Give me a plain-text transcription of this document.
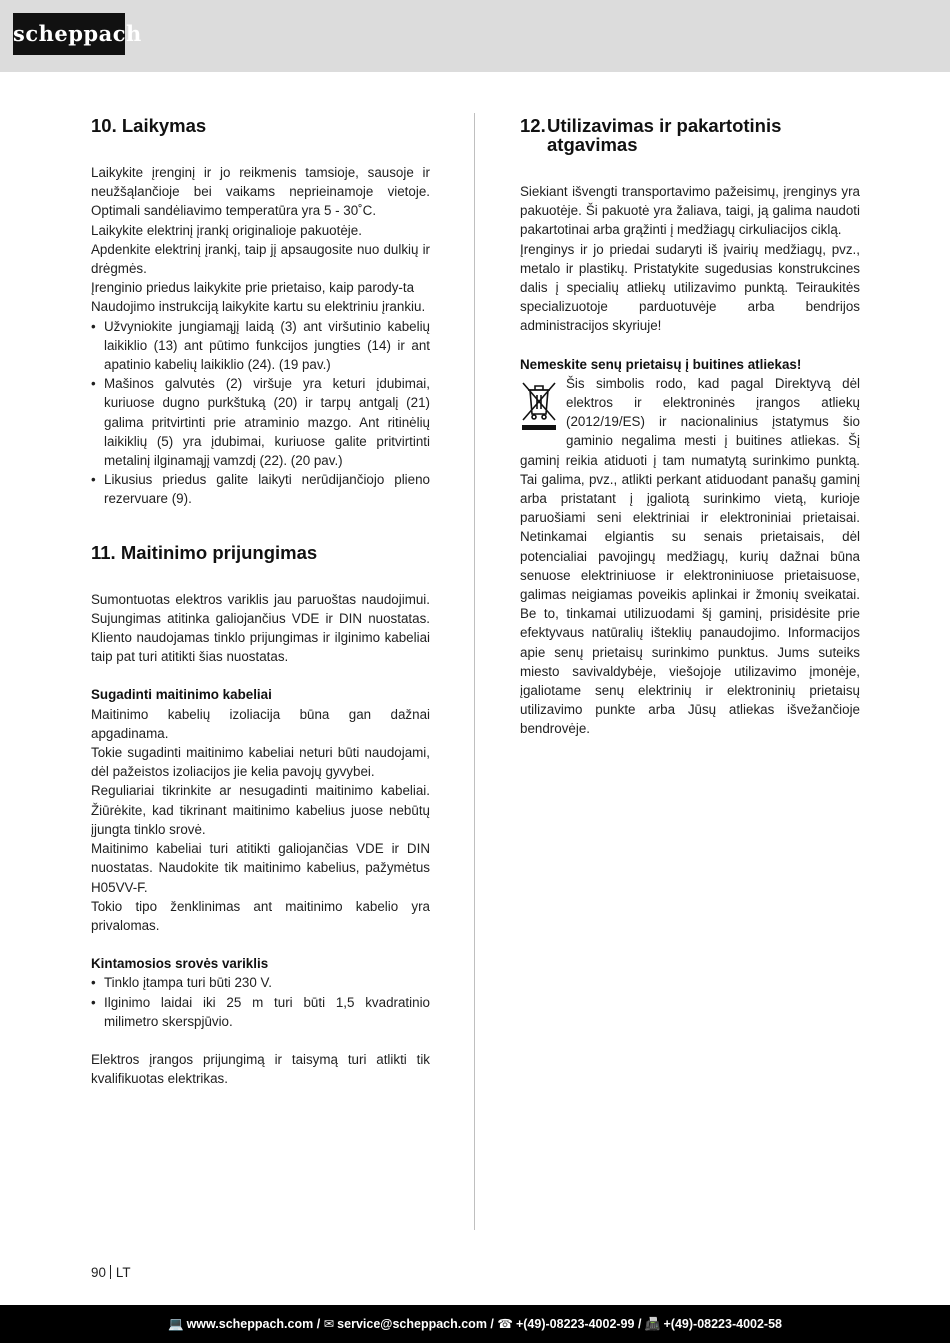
scheppach
10. Laikymas

Laikykite įrenginį ir jo reikmenis tamsioje, sausoje ir neužšąlančioje bei vaikams neprieinamoje vietoje. Optimali sandėliavimo temperatūra yra 5 - 30˚C.

Laikykite elektrinį įrankį originalioje pakuotėje.

Apdenkite elektrinį įrankį, taip jį apsaugosite nuo dulkių ir drėgmės.

Įrenginio priedus laikykite prie prietaiso, kaip parody-ta

Naudojimo instrukciją laikykite kartu su elektriniu įrankiu.

• Užvyniokite jungiamąjį laidą (3) ant viršutinio kabelių laikiklio (13) ant pūtimo funkcijos jungties (14) ir ant apatinio kabelių laikiklio (24). (19 pav.)
• Mašinos galvutės (2) viršuje yra keturi įdubimai, kuriuose dugno purkštuką (20) ir tarpų antgalį (21) galima pritvirtinti prie atraminio mazgo. Ant ritinėlių laikiklių (5) yra įdubimai, kuriuose galite pritvirtinti metalinį ilginamąjį vamzdį (22). (20 pav.)
• Likusius priedus galite laikyti nerūdijančiojo plieno rezervuare (9).
11. Maitinimo prijungimas

Sumontuotas elektros variklis jau paruoštas naudojimui. Sujungimas atitinka galiojančius VDE ir DIN nuostatas. Kliento naudojamas tinklo prijungimas ir ilginimo kabeliai taip pat turi atitikti šias nuostatas.

Sugadinti maitinimo kabeliai

Maitinimo kabelių izoliacija būna gan dažnai apgadinama.

Tokie sugadinti maitinimo kabeliai neturi būti naudojami, dėl pažeistos izoliacijos jie kelia pavojų gyvybei.

Reguliariai tikrinkite ar nesugadinti maitinimo kabeliai. Žiūrėkite, kad tikrinant maitinimo kabelius juose nebūtų įjungta tinklo srovė.

Maitinimo kabeliai turi atitikti galiojančias VDE ir DIN nuostatas. Naudokite tik maitinimo kabelius, pažymėtus H05VV-F.

Tokio tipo ženklinimas ant maitinimo kabelio yra privalomas.

Kintamosios srovės variklis

• Tinklo įtampa turi būti 230 V.
• Ilginimo laidai iki 25 m turi būti 1,5 kvadratinio milimetro skerspjūvio.

Elektros įrangos prijungimą ir taisymą turi atlikti tik kvalifikuotas elektrikas.

12.Utilizavimas ir pakartotinis atgavimas

Siekiant išvengti transportavimo pažeisimų, įrenginys yra pakuotėje. Ši pakuotė yra žaliava, taigi, ją galima naudoti pakartotinai arba grąžinti į medžiagų cirkuliacijos ciklą.

Įrenginys ir jo priedai sudaryti iš įvairių medžiagų, pvz., metalo ir plastikų. Pristatykite sugedusias konstrukcines dalis į specialių atliekų utilizavimo punktą. Teiraukitės specializuotoje parduotuvėje arba bendrijos administracijos skyriuje!

Nemeskite senų prietaisų į buitines atliekas!

Šis simbolis rodo, kad pagal Direktyvą dėl elektros ir elektroninės įrangos atliekų (2012/19/ES) ir nacionalinius įstatymus šio gaminio negalima mesti į buitines atliekas. Šį gaminį reikia atiduoti į tam numatytą surinkimo punktą. Tai galima, pvz., atlikti perkant atiduodant panašų gaminį arba pristatant į įgaliotą surinkimo vietą, kurioje paruošiami seni elektriniai ir elektroniniai prietaisai. Netinkamai elgiantis su senais prietaisais, dėl potencialiai pavojingų medžiagų, kurių dažnai būna senuose elektriniuose ir elektroniniuose prietaisuose, galimas neigiamas poveikis aplinkai ir žmonių sveikatai. Be to, tinkamai utilizuodami šį gaminį, prisidėsite prie efektyvaus natūralių išteklių panaudojimo. Informacijos apie senų prietaisų surinkimo punktus. Jums suteiks miesto savivaldybėje, viešojoje utilizavimo įmonėje, įgaliotame senų elektrinių ir elektroninių prietaisų utilizavimo punkte arba Jūsų atliekas išvežančioje bendrovėje.

90 LT
💻 www.scheppach.com / ✉ service@scheppach.com / ☎ +(49)-08223-4002-99 / 📠 +(49)-08223-4002-58
